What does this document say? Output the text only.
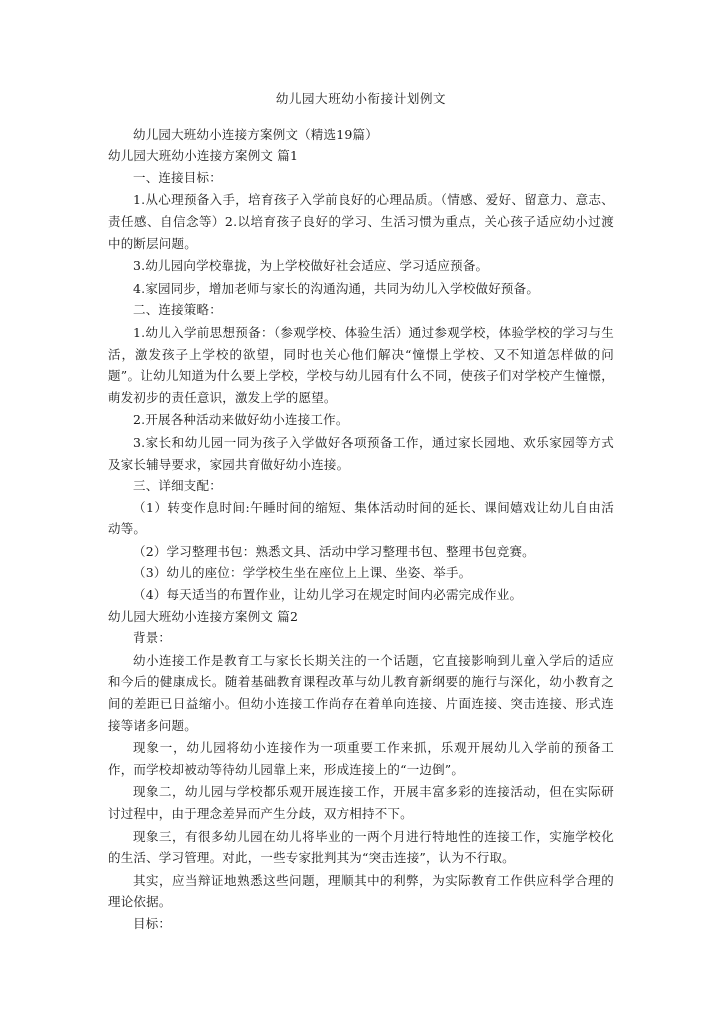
幼儿园大班幼小衔接计划例文

幼儿园大班幼小连接方案例文（精选19篇）

幼儿园大班幼小连接方案例文 篇1

一、连接目标：

1.从心理预备入手，培育孩子入学前良好的心理品质。（情感、爱好、留意力、意志、责任感、自信念等）2.以培育孩子良好的学习、生活习惯为重点，关心孩子适应幼小过渡中的断层问题。

3.幼儿园向学校靠拢，为上学校做好社会适应、学习适应预备。

4.家园同步，增加老师与家长的沟通沟通，共同为幼儿入学校做好预备。

二、连接策略：

1.幼儿入学前思想预备：（参观学校、体验生活）通过参观学校，体验学校的学习与生活，激发孩子上学校的欲望，同时也关心他们解决“憧憬上学校、又不知道怎样做的问题”。让幼儿知道为什么要上学校，学校与幼儿园有什么不同，使孩子们对学校产生憧憬，萌发初步的责任意识，激发上学的愿望。

2.开展各种活动来做好幼小连接工作。

3.家长和幼儿园一同为孩子入学做好各项预备工作，通过家长园地、欢乐家园等方式及家长辅导要求，家园共育做好幼小连接。

三、详细支配：

（1）转变作息时间:午睡时间的缩短、集体活动时间的延长、课间嬉戏让幼儿自由活动等。

（2）学习整理书包：熟悉文具、活动中学习整理书包、整理书包竞赛。

（3）幼儿的座位：学学校生坐在座位上上课、坐姿、举手。

（4）每天适当的布置作业，让幼儿学习在规定时间内必需完成作业。

幼儿园大班幼小连接方案例文 篇2

背景：

幼小连接工作是教育工与家长长期关注的一个话题，它直接影响到儿童入学后的适应和今后的健康成长。随着基础教育课程改革与幼儿教育新纲要的施行与深化，幼小教育之间的差距已日益缩小。但幼小连接工作尚存在着单向连接、片面连接、突击连接、形式连接等诸多问题。

现象一，幼儿园将幼小连接作为一项重要工作来抓，乐观开展幼儿入学前的预备工作，而学校却被动等待幼儿园靠上来，形成连接上的“一边倒”。

现象二，幼儿园与学校都乐观开展连接工作，开展丰富多彩的连接活动，但在实际研讨过程中，由于理念差异而产生分歧，双方相持不下。

现象三，有很多幼儿园在幼儿将毕业的一两个月进行特地性的连接工作，实施学校化的生活、学习管理。对此，一些专家批判其为“突击连接”，认为不行取。

其实，应当辩证地熟悉这些问题，理顺其中的利弊，为实际教育工作供应科学合理的理论依据。

目标：
